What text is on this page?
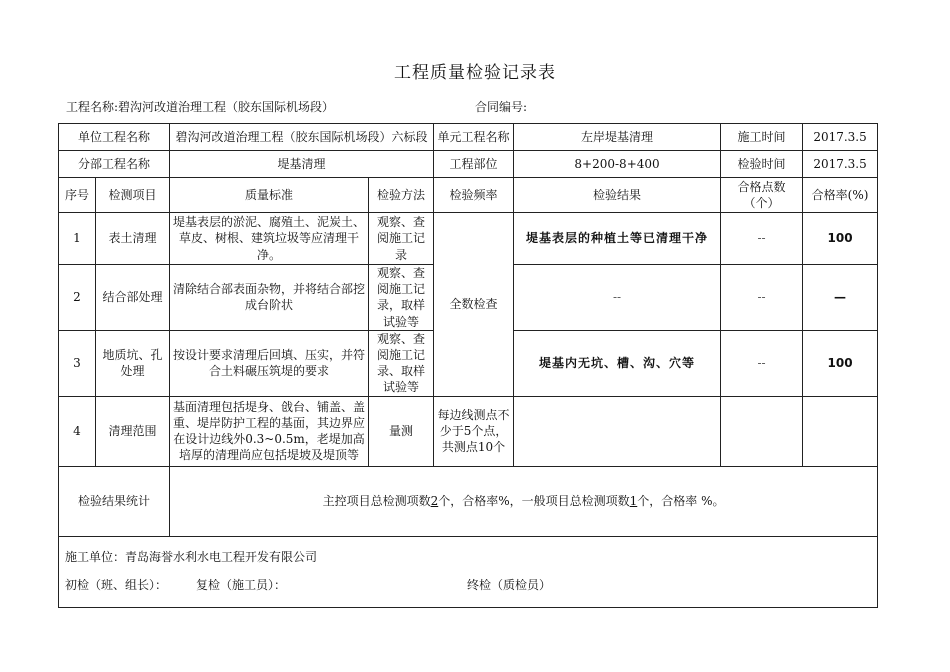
工程质量检验记录表
工程名称:碧沟河改道治理工程（胶东国际机场段）	合同编号:
单位工程名称		碧沟河改道治理工程（胶东国际机场段）六标段		单元工程名称	左岸堤基清理	施工时间	2017.3.5
分部工程名称		堤基清理		工程部位	8+200-8+400	检验时间	2017.3.5
序号	检测项目	质量标准	检验方法	检验频率	检验结果	合格点数（个）	合格率(%)
1	表土清理	堤基表层的淤泥、腐殖土、泥炭土、草皮、树根、建筑垃圾等应清理干净。	观察、查阅施工记录	全数检查	堤基表层的种植土等已清理干净	--	100
2	结合部处理	清除结合部表面杂物，并将结合部挖成台阶状	观察、查阅施工记录，取样试验等		--	--	—
3	地质坑、孔处理	按设计要求清理后回填、压实，并符合土料碾压筑堤的要求	观察、查阅施工记录、取样试验等		堤基内无坑、槽、沟、穴等	--	100
4	清理范围	基面清理包括堤身、戗台、铺盖、盖重、堤岸防护工程的基面，其边界应在设计边线外0.3~0.5m，老堤加高培厚的清理尚应包括堤坡及堤顶等	量测	每边线测点不少于5个点，共测点10个			
检验结果统计		主控项目总检测项数2个，合格率%，一般项目总检测项数1个，合格率 %。					

施工单位：青岛海誉水利水电工程开发有限公司
初检（班、组长）： 复检（施工员）： 终检（质检员）							
